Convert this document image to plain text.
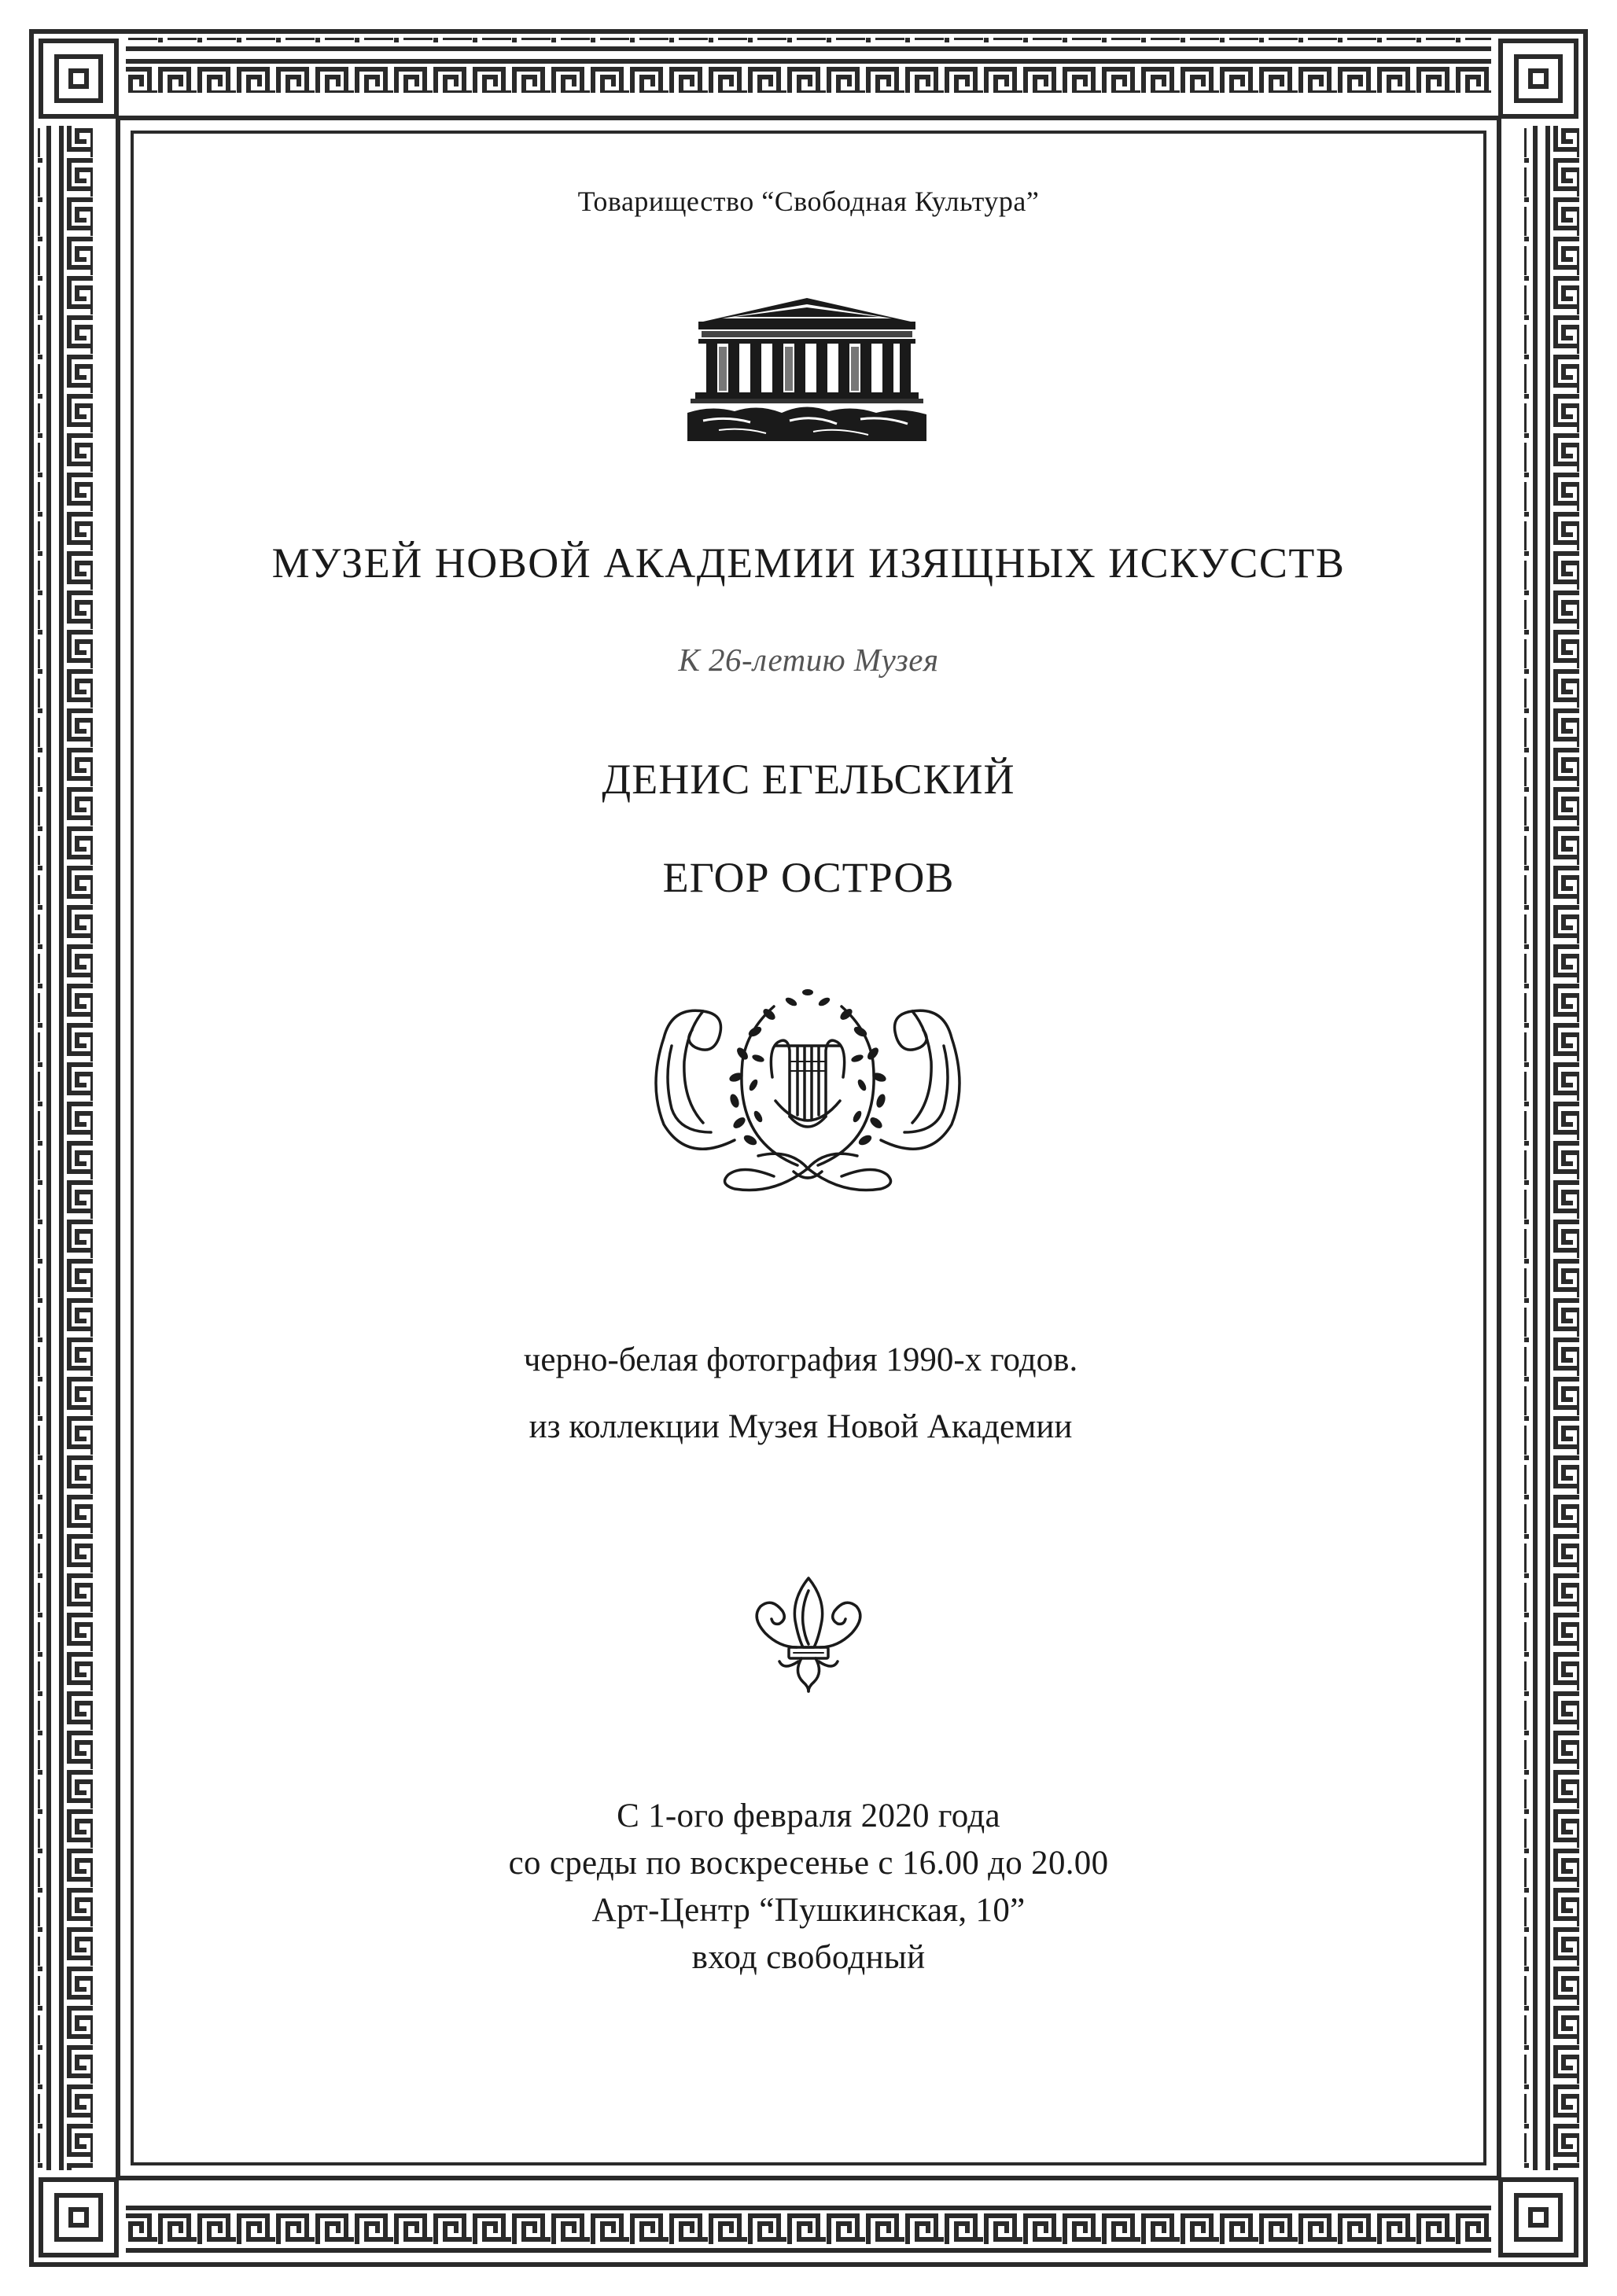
Товарищество “Свободная Культура”
МУЗЕЙ НОВОЙ АКАДЕМИИ ИЗЯЩНЫХ ИСКУССТВ
К 26-летию Музея
ДЕНИС ЕГЕЛЬСКИЙ
ЕГОР ОСТРОВ
черно-белая фотография 1990-х годов.
из коллекции Музея Новой Академии
С 1-ого февраля 2020 года
со среды по воскресенье с 16.00 до 20.00
Арт-Центр “Пушкинская, 10”
вход свободный
